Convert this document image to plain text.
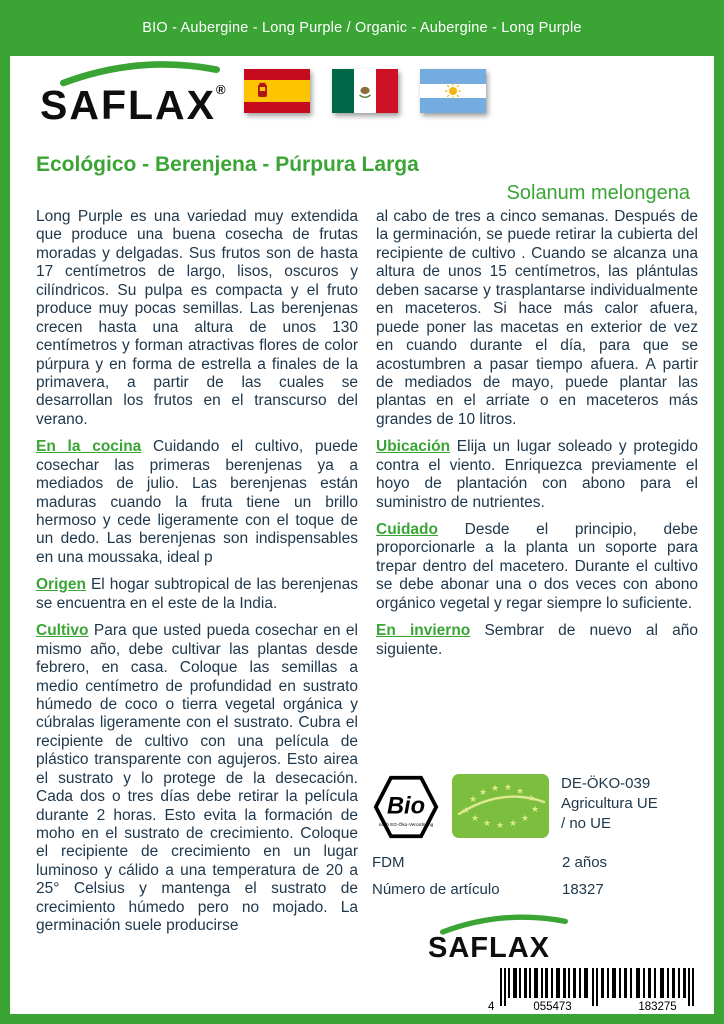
BIO - Aubergine - Long Purple / Organic - Aubergine - Long Purple
SAFLAX®
Ecológico - Berenjena - Púrpura Larga
Solanum melongena

Long Purple es una variedad muy extendida que produce una buena cosecha de frutas moradas y delgadas. Sus frutos son de hasta 17 centímetros de largo, lisos, oscuros y cilíndricos. Su pulpa es compacta y el fruto produce muy pocas semillas. Las berenjenas crecen hasta una altura de unos 130 centímetros y forman atractivas flores de color púrpura y en forma de estrella a finales de la primavera, a partir de las cuales se desarrollan los frutos en el transcurso del verano.

En la cocina Cuidando el cultivo, puede cosechar las primeras berenjenas ya a mediados de julio. Las berenjenas están maduras cuando la fruta tiene un brillo hermoso y cede ligeramente con el toque de un dedo. Las berenjenas son indispensables en una moussaka, ideal p

Origen El hogar subtropical de las berenjenas se encuentra en el este de la India.

Cultivo Para que usted pueda cosechar en el mismo año, debe cultivar las plantas desde febrero, en casa. Coloque las semillas a medio centímetro de profundidad en sustrato húmedo de coco o tierra vegetal orgánica y cúbralas ligeramente con el sustrato. Cubra el recipiente de cultivo con una película de plástico transparente con agujeros. Esto airea el sustrato y lo protege de la desecación. Cada dos o tres días debe retirar la película durante 2 horas. Esto evita la formación de moho en el sustrato de crecimiento. Coloque el recipiente de crecimiento en un lugar luminoso y cálido a una temperatura de 20 a 25° Celsius y mantenga el sustrato de crecimiento húmedo pero no mojado. La germinación suele producirse

al cabo de tres a cinco semanas. Después de la germinación, se puede retirar la cubierta del recipiente de cultivo . Cuando se alcanza una altura de unos 15 centímetros, las plántulas deben sacarse y trasplantarse individualmente en maceteros. Si hace más calor afuera, puede poner las macetas en exterior de vez en cuando durante el día, para que se acostumbren a pasar tiempo afuera. A partir de mediados de mayo, puede plantar las plantas en el arriate o en maceteros más grandes de 10 litros.

Ubicación Elija un lugar soleado y protegido contra el viento. Enriquezca previamente el hoyo de plantación con abono para el suministro de nutrientes.

Cuidado Desde el principio, debe proporcionarle a la planta un soporte para trepar dentro del macetero. Durante el cultivo se debe abonar una o dos veces con abono orgánico vegetal y regar siempre lo suficiente.

En invierno Sembrar de nuevo al año siguiente.

Bio
nach EG-Öko-Verordnung
★
★ ★ ★ ★
★
★
★ ★ ★ ★ ★
★
DE-ÖKO-039
Agricultura UE
/ no UE
FDM	2 años
Número de artículo	18327
SAFLAX
4	055473	183275
